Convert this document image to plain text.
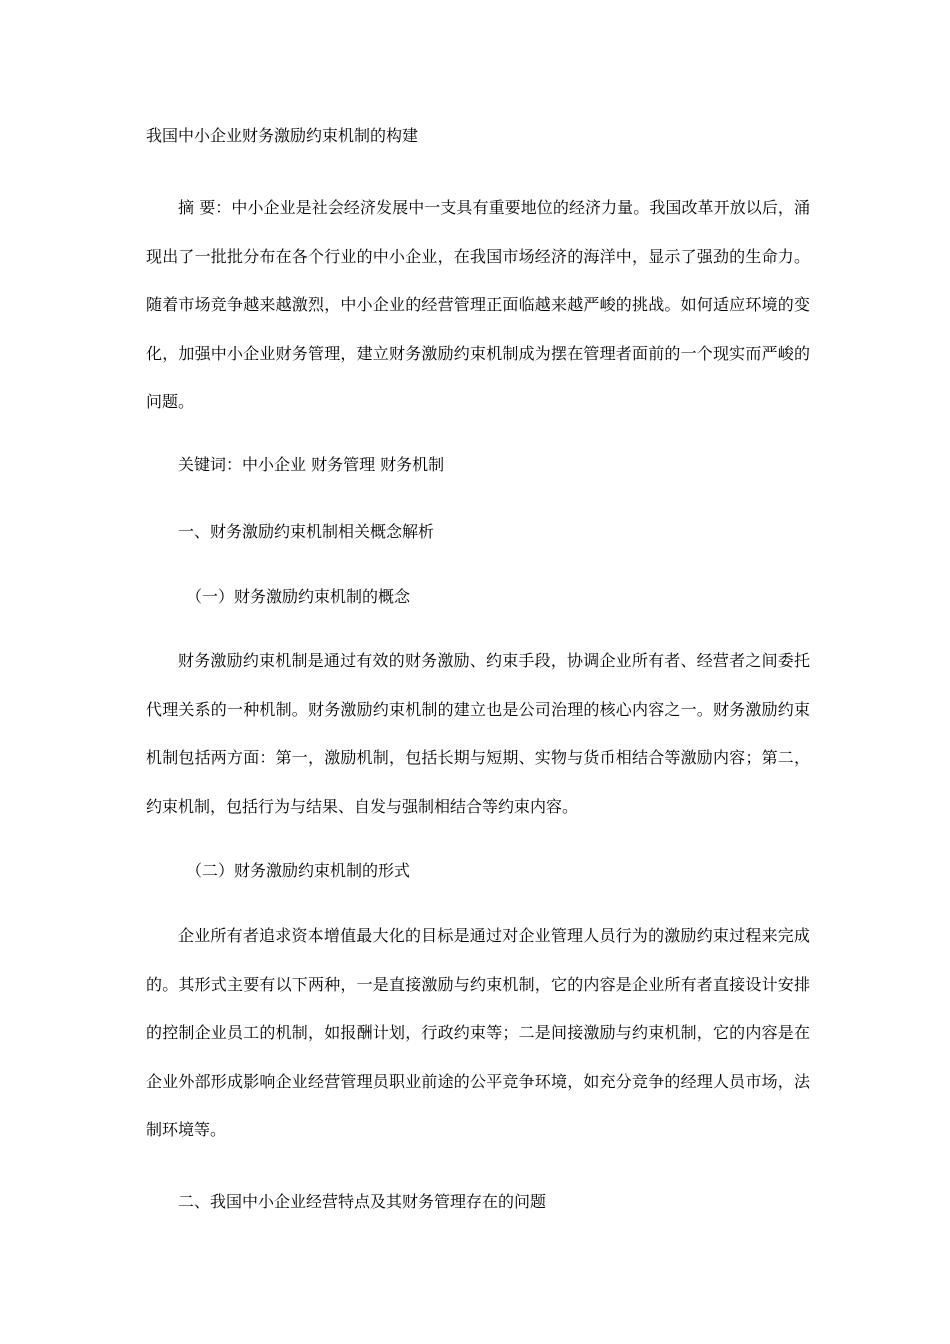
我国中小企业财务激励约束机制的构建

摘 要：中小企业是社会经济发展中一支具有重要地位的经济力量。我国改革开放以后，涌现出了一批批分布在各个行业的中小企业，在我国市场经济的海洋中，显示了强劲的生命力。随着市场竞争越来越激烈，中小企业的经营管理正面临越来越严峻的挑战。如何适应环境的变化，加强中小企业财务管理，建立财务激励约束机制成为摆在管理者面前的一个现实而严峻的问题。

关键词：中小企业 财务管理 财务机制

一、财务激励约束机制相关概念解析

（一）财务激励约束机制的概念

财务激励约束机制是通过有效的财务激励、约束手段，协调企业所有者、经营者之间委托代理关系的一种机制。财务激励约束机制的建立也是公司治理的核心内容之一。财务激励约束机制包括两方面：第一，激励机制，包括长期与短期、实物与货币相结合等激励内容；第二，约束机制，包括行为与结果、自发与强制相结合等约束内容。

（二）财务激励约束机制的形式

企业所有者追求资本增值最大化的目标是通过对企业管理人员行为的激励约束过程来完成的。其形式主要有以下两种，一是直接激励与约束机制，它的内容是企业所有者直接设计安排的控制企业员工的机制，如报酬计划，行政约束等；二是间接激励与约束机制，它的内容是在企业外部形成影响企业经营管理员职业前途的公平竞争环境，如充分竞争的经理人员市场，法制环境等。

二、我国中小企业经营特点及其财务管理存在的问题
